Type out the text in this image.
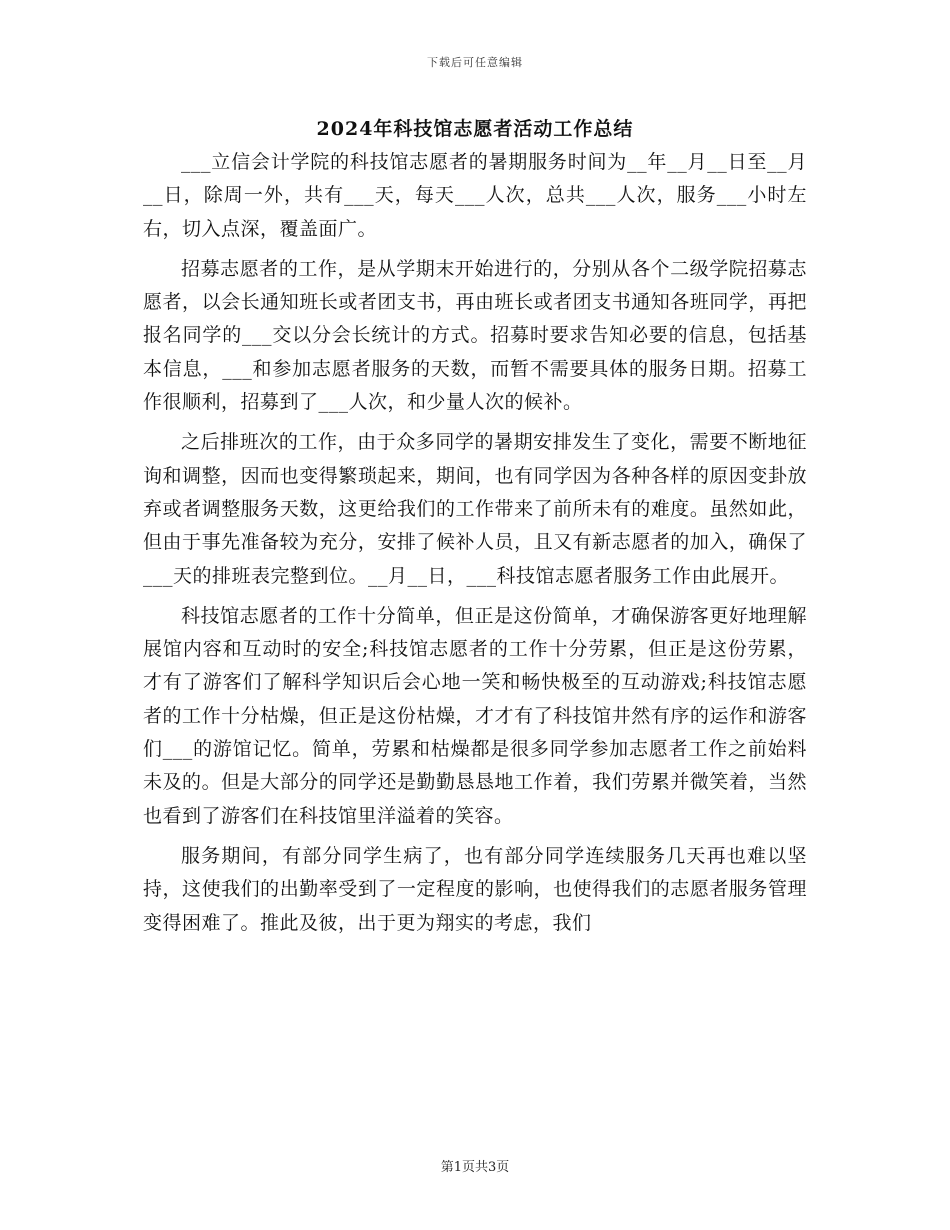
下载后可任意编辑
2024年科技馆志愿者活动工作总结

___立信会计学院的科技馆志愿者的暑期服务时间为__年__月__日至__月__日，除周一外，共有___天，每天___人次，总共___人次，服务___小时左右，切入点深，覆盖面广。

招募志愿者的工作，是从学期末开始进行的，分别从各个二级学院招募志愿者，以会长通知班长或者团支书，再由班长或者团支书通知各班同学，再把报名同学的___交以分会长统计的方式。招募时要求告知必要的信息，包括基本信息，___和参加志愿者服务的天数，而暂不需要具体的服务日期。招募工作很顺利，招募到了___人次，和少量人次的候补。

之后排班次的工作，由于众多同学的暑期安排发生了变化，需要不断地征询和调整，因而也变得繁琐起来，期间，也有同学因为各种各样的原因变卦放弃或者调整服务天数，这更给我们的工作带来了前所未有的难度。虽然如此，但由于事先准备较为充分，安排了候补人员，且又有新志愿者的加入，确保了___天的排班表完整到位。__月__日，___科技馆志愿者服务工作由此展开。

科技馆志愿者的工作十分简单，但正是这份简单，才确保游客更好地理解展馆内容和互动时的安全;科技馆志愿者的工作十分劳累，但正是这份劳累，才有了游客们了解科学知识后会心地一笑和畅快极至的互动游戏;科技馆志愿者的工作十分枯燥，但正是这份枯燥，才才有了科技馆井然有序的运作和游客们___的游馆记忆。简单，劳累和枯燥都是很多同学参加志愿者工作之前始料未及的。但是大部分的同学还是勤勤恳恳地工作着，我们劳累并微笑着，当然也看到了游客们在科技馆里洋溢着的笑容。

服务期间，有部分同学生病了，也有部分同学连续服务几天再也难以坚持，这使我们的出勤率受到了一定程度的影响，也使得我们的志愿者服务管理变得困难了。推此及彼，出于更为翔实的考虑，我们

第1页共3页
